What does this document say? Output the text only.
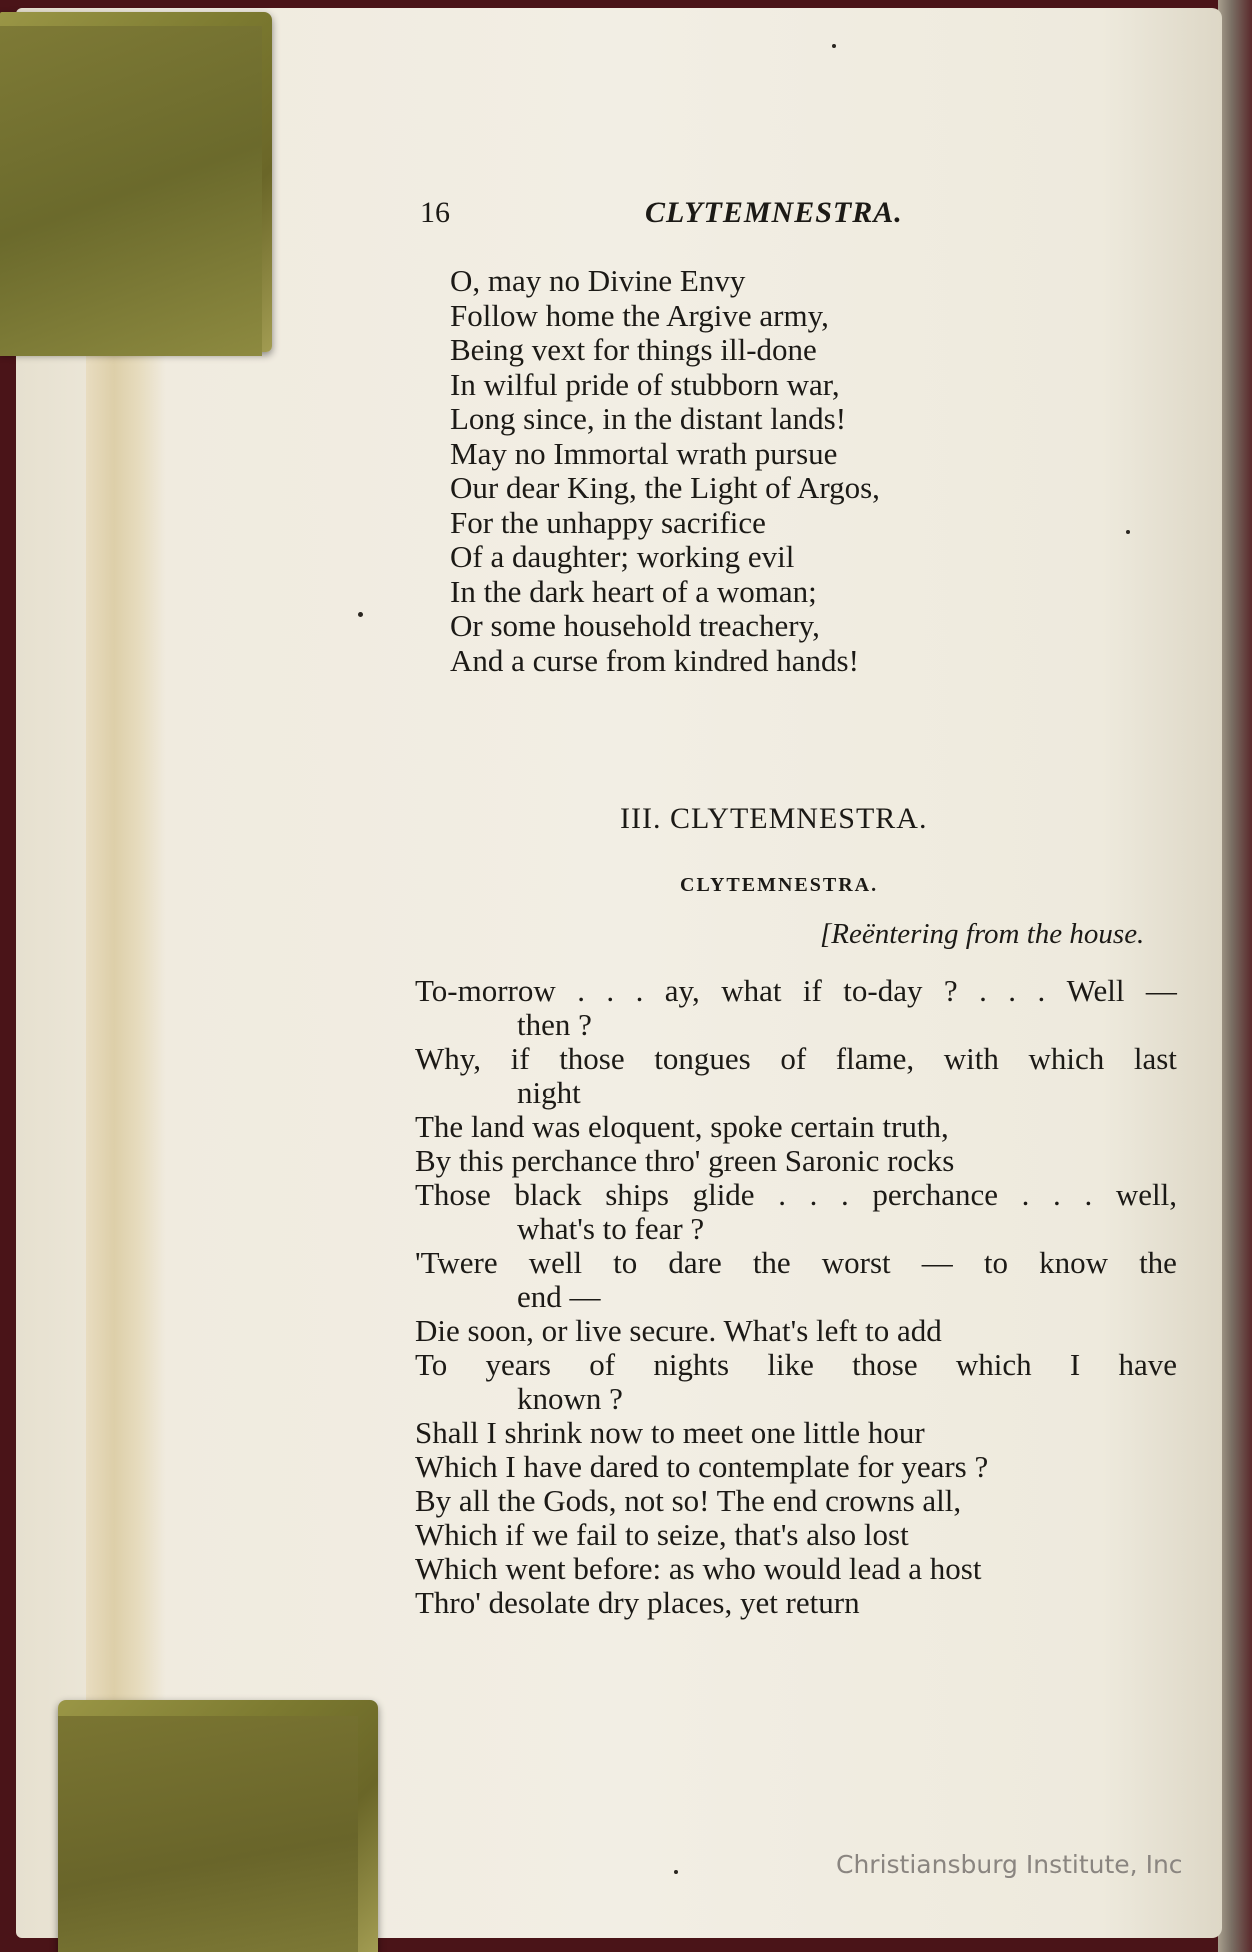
16	CLYTEMNESTRA.
O, may no Divine Envy
Follow home the Argive army,
Being vext for things ill-done
In wilful pride of stubborn war,
Long since, in the distant lands!
May no Immortal wrath pursue
Our dear King, the Light of Argos,
For the unhappy sacrifice
Of a daughter; working evil
In the dark heart of a woman;
Or some household treachery,
And a curse from kindred hands!
III. CLYTEMNESTRA.
CLYTEMNESTRA.
[Reëntering from the house.
To-morrow . . . ay, what if to-day ? . . . Well —
then ?
Why, if those tongues of flame, with which last
night
The land was eloquent, spoke certain truth,
By this perchance thro' green Saronic rocks
Those black ships glide . . . perchance . . . well,
what's to fear ?
'Twere well to dare the worst — to know the
end —
Die soon, or live secure. What's left to add
To years of nights like those which I have
known ?
Shall I shrink now to meet one little hour
Which I have dared to contemplate for years ?
By all the Gods, not so! The end crowns all,
Which if we fail to seize, that's also lost
Which went before: as who would lead a host
Thro' desolate dry places, yet return
Christiansburg Institute, Inc
